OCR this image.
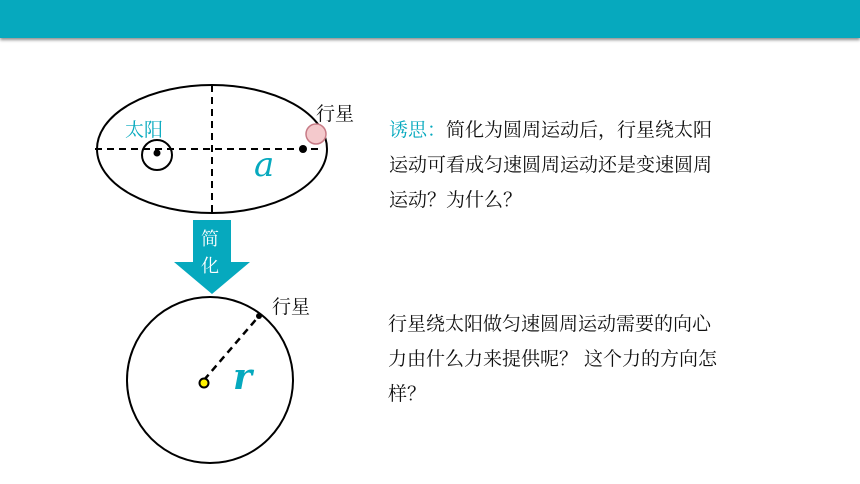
太阳
行星
a
行星
r
简
化
诱思：简化为圆周运动后，行星绕太阳运动可看成匀速圆周运动还是变速圆周运动？为什么？
行星绕太阳做匀速圆周运动需要的向心力由什么力来提供呢？ 这个力的方向怎样？
